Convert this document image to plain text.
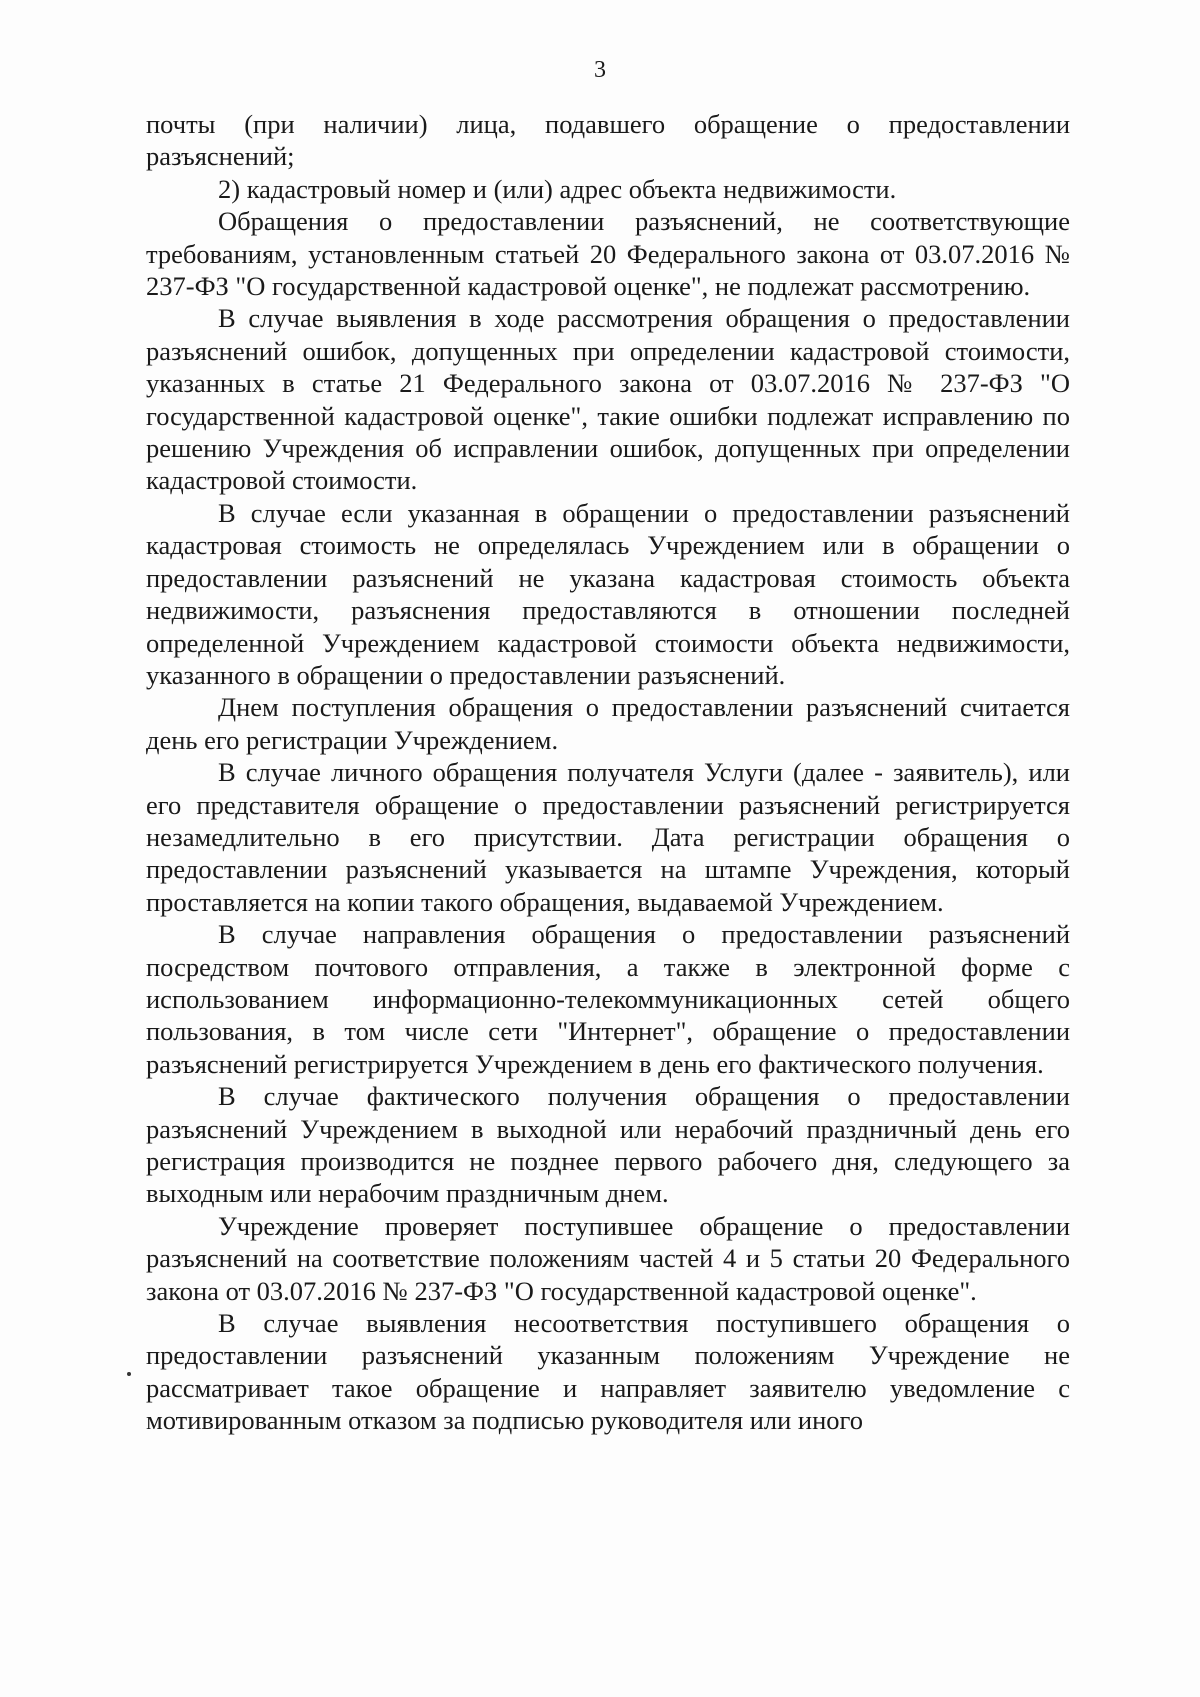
3

почты (при наличии) лица, подавшего обращение о предоставлении разъяснений;

2) кадастровый номер и (или) адрес объекта недвижимости.

Обращения о предоставлении разъяснений, не соответствующие требованиям, установленным статьей 20 Федерального закона от 03.07.2016 № 237-ФЗ "О государственной кадастровой оценке", не подлежат рассмотрению.

В случае выявления в ходе рассмотрения обращения о предоставлении разъяснений ошибок, допущенных при определении кадастровой стоимости, указанных в статье 21 Федерального закона от 03.07.2016 № 237-ФЗ "О государственной кадастровой оценке", такие ошибки подлежат исправлению по решению Учреждения об исправлении ошибок, допущенных при определении кадастровой стоимости.

В случае если указанная в обращении о предоставлении разъяснений кадастровая стоимость не определялась Учреждением или в обращении о предоставлении разъяснений не указана кадастровая стоимость объекта недвижимости, разъяснения предоставляются в отношении последней определенной Учреждением кадастровой стоимости объекта недвижимости, указанного в обращении о предоставлении разъяснений.

Днем поступления обращения о предоставлении разъяснений считается день его регистрации Учреждением.

В случае личного обращения получателя Услуги (далее - заявитель), или его представителя обращение о предоставлении разъяснений регистрируется незамедлительно в его присутствии. Дата регистрации обращения о предоставлении разъяснений указывается на штампе Учреждения, который проставляется на копии такого обращения, выдаваемой Учреждением.

В случае направления обращения о предоставлении разъяснений посредством почтового отправления, а также в электронной форме с использованием информационно-телекоммуникационных сетей общего пользования, в том числе сети "Интернет", обращение о предоставлении разъяснений регистрируется Учреждением в день его фактического получения.

В случае фактического получения обращения о предоставлении разъяснений Учреждением в выходной или нерабочий праздничный день его регистрация производится не позднее первого рабочего дня, следующего за выходным или нерабочим праздничным днем.

Учреждение проверяет поступившее обращение о предоставлении разъяснений на соответствие положениям частей 4 и 5 статьи 20 Федерального закона от 03.07.2016 № 237-ФЗ "О государственной кадастровой оценке".

В случае выявления несоответствия поступившего обращения о предоставлении разъяснений указанным положениям Учреждение не рассматривает такое обращение и направляет заявителю уведомление с мотивированным отказом за подписью руководителя или иного
